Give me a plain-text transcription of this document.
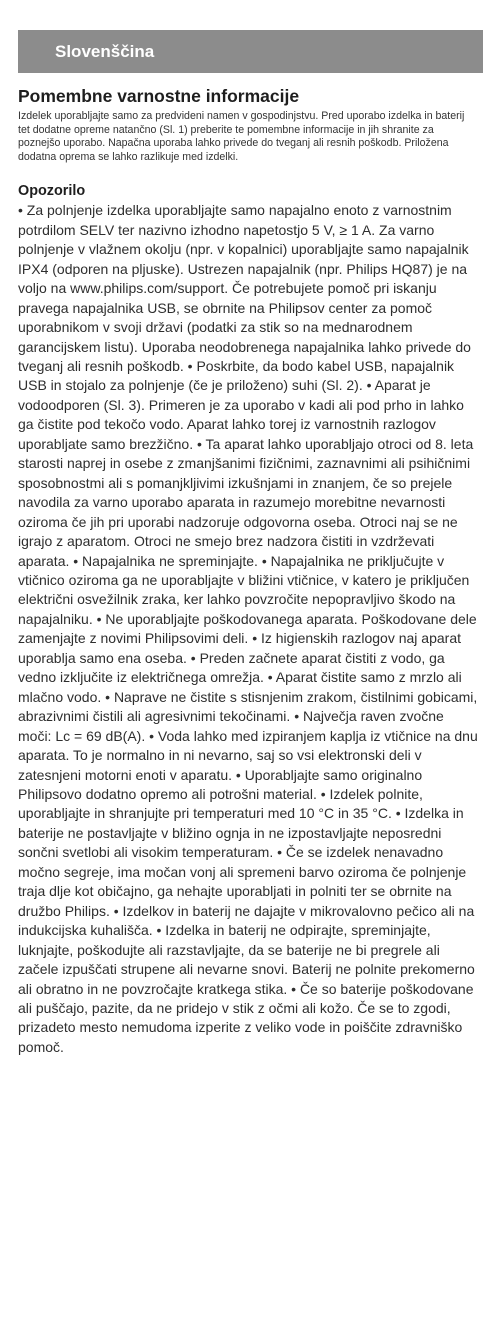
Slovenščina
Pomembne varnostne informacije

Izdelek uporabljajte samo za predvideni namen v gospodinjstvu. Pred uporabo izdelka in baterij tet dodatne opreme natančno (Sl. 1) preberite te pomembne informacije in jih shranite za poznejšo uporabo. Napačna uporaba lahko privede do tveganj ali resnih poškodb. Priložena dodatna oprema se lahko razlikuje med izdelki.

Opozorilo

• Za polnjenje izdelka uporabljajte samo napajalno enoto z varnostnim potrdilom SELV ter nazivno izhodno napetostjo 5 V, ≥ 1 A. Za varno polnjenje v vlažnem okolju (npr. v kopalnici) uporabljajte samo napajalnik IPX4 (odporen na pljuske). Ustrezen napajalnik (npr. Philips HQ87) je na voljo na www.philips.com/support. Če potrebujete pomoč pri iskanju pravega napajalnika USB, se obrnite na Philipsov center za pomoč uporabnikom v svoji državi (podatki za stik so na mednarodnem garancijskem listu). Uporaba neodobrenega napajalnika lahko privede do tveganj ali resnih poškodb. • Poskrbite, da bodo kabel USB, napajalnik USB in stojalo za polnjenje (če je priloženo) suhi (Sl. 2). • Aparat je vodoodporen (Sl. 3). Primeren je za uporabo v kadi ali pod prho in lahko ga čistite pod tekočo vodo. Aparat lahko torej iz varnostnih razlogov uporabljate samo brezžično. • Ta aparat lahko uporabljajo otroci od 8. leta starosti naprej in osebe z zmanjšanimi fizičnimi, zaznavnimi ali psihičnimi sposobnostmi ali s pomanjkljivimi izkušnjami in znanjem, če so prejele navodila za varno uporabo aparata in razumejo morebitne nevarnosti oziroma če jih pri uporabi nadzoruje odgovorna oseba. Otroci naj se ne igrajo z aparatom. Otroci ne smejo brez nadzora čistiti in vzdrževati aparata. • Napajalnika ne spreminjajte. • Napajalnika ne priključujte v vtičnico oziroma ga ne uporabljajte v bližini vtičnice, v katero je priključen električni osvežilnik zraka, ker lahko povzročite nepopravljivo škodo na napajalniku. • Ne uporabljajte poškodovanega aparata. Poškodovane dele zamenjajte z novimi Philipsovimi deli. • Iz higienskih razlogov naj aparat uporablja samo ena oseba. • Preden začnete aparat čistiti z vodo, ga vedno izključite iz električnega omrežja. • Aparat čistite samo z mrzlo ali mlačno vodo. • Naprave ne čistite s stisnjenim zrakom, čistilnimi gobicami, abrazivnimi čistili ali agresivnimi tekočinami. • Največja raven zvočne moči: Lc = 69 dB(A). • Voda lahko med izpiranjem kaplja iz vtičnice na dnu aparata. To je normalno in ni nevarno, saj so vsi elektronski deli v zatesnjeni motorni enoti v aparatu. • Uporabljajte samo originalno Philipsovo dodatno opremo ali potrošni material. • Izdelek polnite, uporabljajte in shranjujte pri temperaturi med 10 °C in 35 °C. • Izdelka in baterije ne postavljajte v bližino ognja in ne izpostavljajte neposredni sončni svetlobi ali visokim temperaturam. • Če se izdelek nenavadno močno segreje, ima močan vonj ali spremeni barvo oziroma če polnjenje traja dlje kot običajno, ga nehajte uporabljati in polniti ter se obrnite na družbo Philips. • Izdelkov in baterij ne dajajte v mikrovalovno pečico ali na indukcijska kuhališča. • Izdelka in baterij ne odpirajte, spreminjajte, luknjajte, poškodujte ali razstavljajte, da se baterije ne bi pregrele ali začele izpuščati strupene ali nevarne snovi. Baterij ne polnite prekomerno ali obratno in ne povzročajte kratkega stika. • Če so baterije poškodovane ali puščajo, pazite, da ne pridejo v stik z očmi ali kožo. Če se to zgodi, prizadeto mesto nemudoma izperite z veliko vode in poiščite zdravniško pomoč.
